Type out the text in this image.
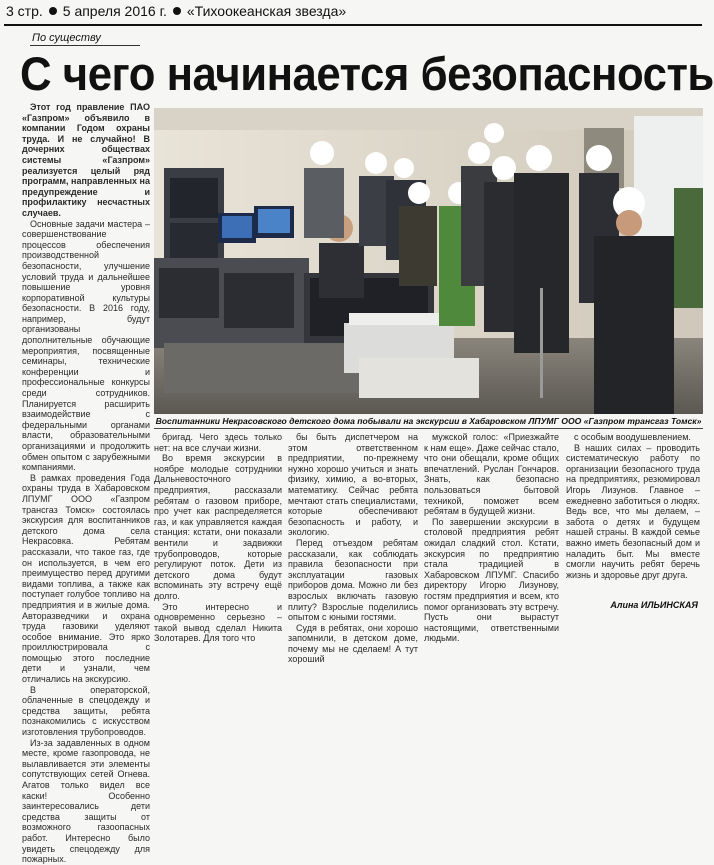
3 стр. 5 апреля 2016 г. «Тихоокеанская звезда»
По существу
С чего начинается безопасность

Этот год правление ПАО «Газпром» объявило в компании Годом охраны труда. И не случайно! В дочерних обществах системы «Газпром» реализуется целый ряд программ, направленных на предупреждение и профилактику несчастных случаев.

Основные задачи мастера – совершенствование процессов обеспечения производственной безопасности, улучшение условий труда и дальнейшее повышение уровня корпоративной культуры безопасности. В 2016 году, например, будут организованы дополнительные обучающие мероприятия, посвященные семинары, технические конференции и профессиональные конкурсы среди сотрудников. Планируется расширить взаимодействие с федеральными органами власти, образовательными организациями и продолжить обмен опытом с зарубежными компаниями.

В рамках проведения Года охраны труда в Хабаровском ЛПУМГ ООО «Газпром трансгаз Томск» состоялась экскурсия для воспитанников детского дома села Некрасовка. Ребятам рассказали, что такое газ, где он используется, в чем его преимущество перед другими видами топлива, а также как поступает голубое топливо на предприятия и в жилые дома. Авторазведчики и охрана труда газовики уделяют особое внимание. Это ярко проиллюстрировала с помощью этого последние дети и узнали, чем отличались на экскурсию.

В операторской, облаченные в спецодежду и средства защиты, ребята познакомились с искусством изготовления трубопроводов.

Из-за задавленных в одном месте, кроме газопровода, не вылавливается эти элементы сопутствующих сетей Огнева. Агатов только видел все каски! Особенно заинтересовались дети средства защиты от возможного газоопасных работ. Интересно было увидеть спецодежду для пожарных.

Воспитанники Некрасовского детского дома побывали на экскурсии в Хабаровском ЛПУМГ ООО «Газпром трансгаз Томск»

бригад. Чего здесь только нет: на все случаи жизни.

Во время экскурсии в ноябре молодые сотрудники Дальневосточного предприятия, рассказали ребятам о газовом приборе, про учет как распределяется газ, и как управляется каждая станция: кстати, они показали вентили и задвижки трубопроводов, которые регулируют поток. Дети из детского дома будут вспоминать эту встречу ещё долго.

Это интересно и одновременно серьезно – такой вывод сделал Никита Золотарев. Для того что

бы быть диспетчером на этом ответственном предприятии, по-прежнему нужно хорошо учиться и знать физику, химию, а во-вторых, математику. Сейчас ребята мечтают стать специалистами, которые обеспечивают безопасность и работу, и экологию.

Перед отъездом ребятам рассказали, как соблюдать правила безопасности при эксплуатации газовых приборов дома. Можно ли без взрослых включать газовую плиту? Взрослые поделились опытом с юными гостями.

Судя в ребятах, они хорошо запомнили, в детском доме, почему мы не сделаем! А тут хороший

мужской голос: «Приезжайте к нам еще». Даже сейчас стало, что они обещали, кроме общих впечатлений. Руслан Гончаров. Знать, как безопасно пользоваться бытовой техникой, поможет всем ребятам в будущей жизни.

По завершении экскурсии в столовой предприятия ребят ожидал сладкий стол. Кстати, экскурсия по предприятию стала традицией в Хабаровском ЛПУМГ. Спасибо директору Игорю Лизунову, гостям предприятия и всем, кто помог организовать эту встречу. Пусть они вырастут настоящими, ответственными людьми.

с особым воодушевлением.

В наших силах – проводить систематическую работу по организации безопасного труда на предприятиях, резюмировал Игорь Лизунов. Главное – ежедневно заботиться о людях. Ведь все, что мы делаем, – забота о детях и будущем нашей страны. В каждой семье важно иметь безопасный дом и наладить быт. Мы вместе смогли научить ребят беречь жизнь и здоровье друг друга.

Алина ИЛЬИНСКАЯ
